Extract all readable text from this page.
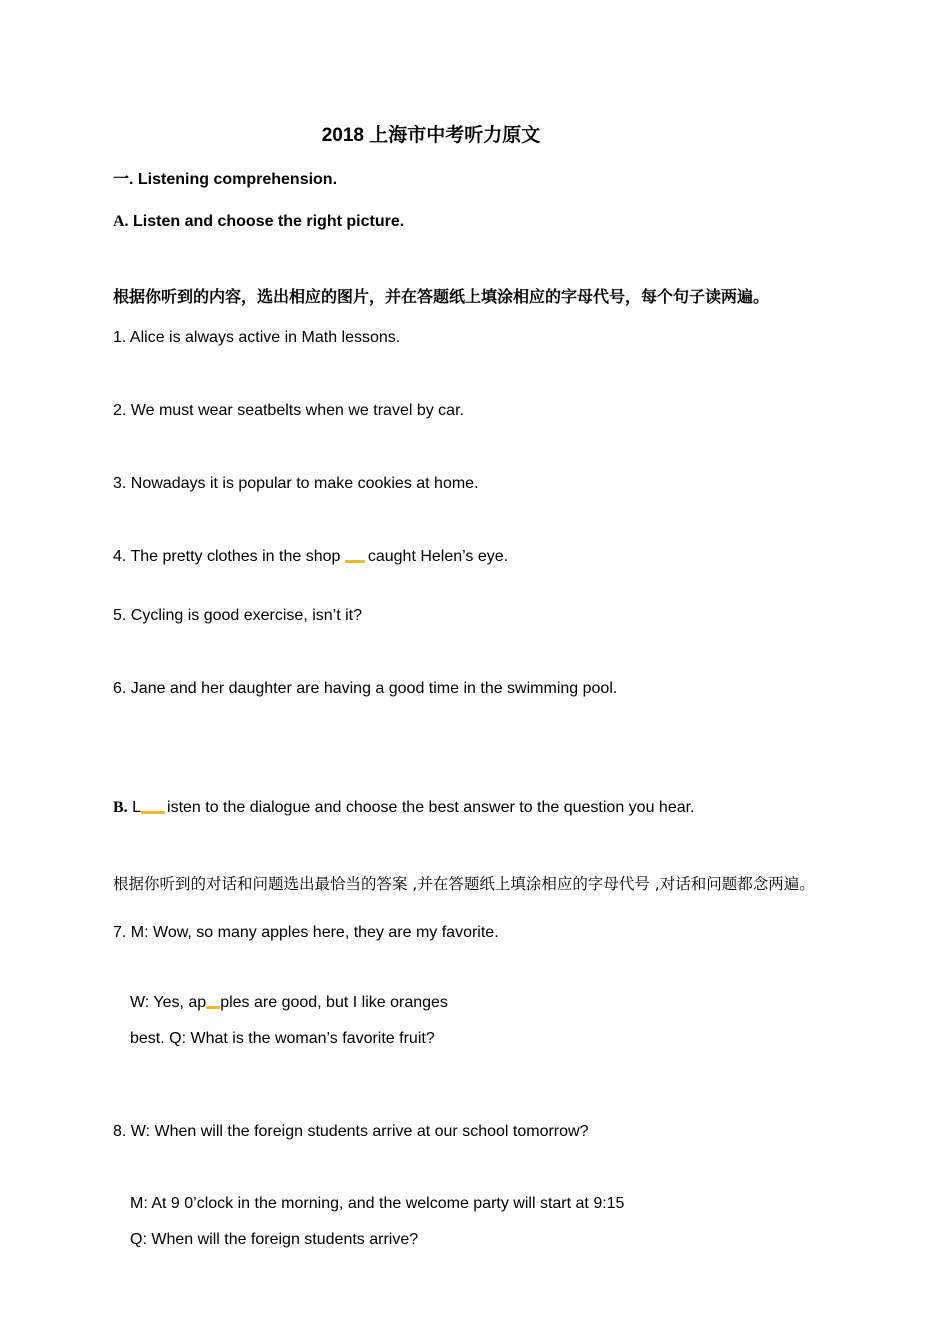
2018 上海市中考听力原文
一. Listening comprehension.
A. Listen and choose the right picture.
根据你听到的内容，选出相应的图片，并在答题纸上填涂相应的字母代号，每个句子读两遍。
1. Alice is always active in Math lessons.
2. We must wear seatbelts when we travel by car.
3. Nowadays it is popular to make cookies at home.
4. The pretty clothes in the shop caught Helen’s eye.
5. Cycling is good exercise, isn’t it?
6. Jane and her daughter are having a good time in the swimming pool.
B. L isten to the dialogue and choose the best answer to the question you hear.
根据你听到的对话和问题选出最恰当的答案 ,并在答题纸上填涂相应的字母代号 ,对话和问题都念两遍。
7. M: Wow, so many apples here, they are my favorite.
W: Yes, ap ples are good, but I like oranges
best. Q: What is the woman’s favorite fruit?
8. W: When will the foreign students arrive at our school tomorrow?
M: At 9 0’clock in the morning, and the welcome party will start at 9:15
Q: When will the foreign students arrive?
